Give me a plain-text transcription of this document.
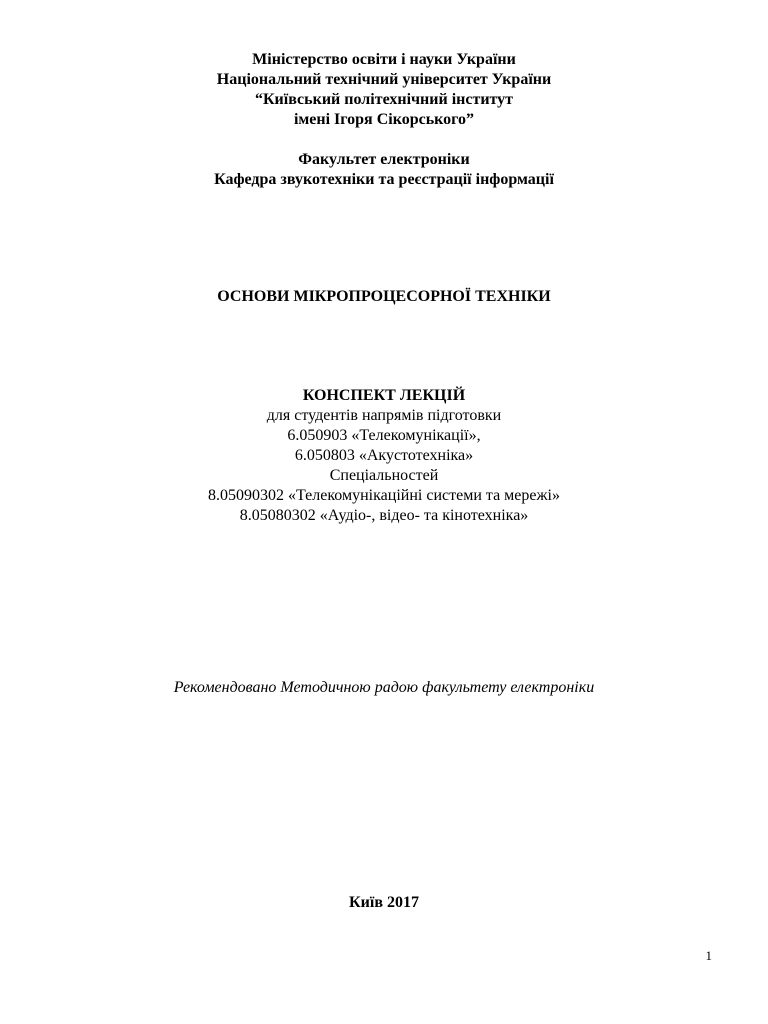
Міністерство освіти і науки України
Національний технічний університет України
“Київський політехнічний інститут
імені Ігоря Сікорського”
Факультет електроніки
Кафедра звукотехніки та реєстрації інформації
ОСНОВИ МІКРОПРОЦЕСОРНОЇ ТЕХНІКИ
КОНСПЕКТ ЛЕКЦІЙ
для студентів напрямів підготовки
6.050903 «Телекомунікації»,
6.050803 «Акустотехніка»
Спеціальностей
8.05090302 «Телекомунікаційні системи та мережі»
8.05080302 «Аудіо-, відео- та кінотехніка»
Рекомендовано Методичною радою факультету електроніки
Київ 2017
1
